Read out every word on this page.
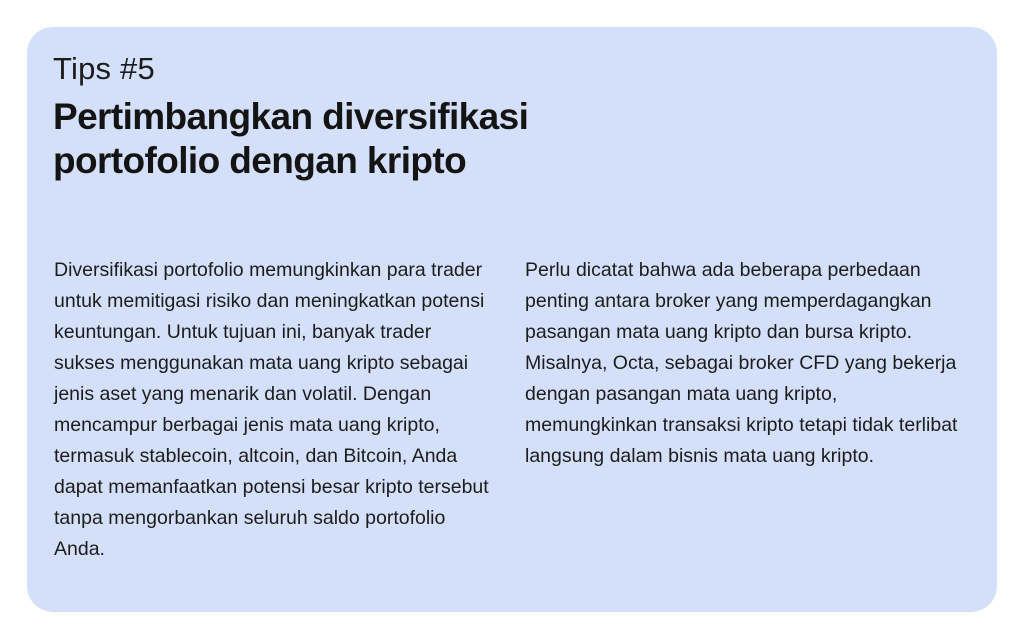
Tips #5

Pertimbangkan diversifikasi
portofolio dengan kripto

Diversifikasi portofolio memungkinkan para trader untuk memitigasi risiko dan meningkatkan potensi keuntungan. Untuk tujuan ini, banyak trader sukses menggunakan mata uang kripto sebagai jenis aset yang menarik dan volatil. Dengan mencampur berbagai jenis mata uang kripto, termasuk stablecoin, altcoin, dan Bitcoin, Anda dapat memanfaatkan potensi besar kripto tersebut tanpa mengorbankan seluruh saldo portofolio Anda.

Perlu dicatat bahwa ada beberapa perbedaan penting antara broker yang memperdagangkan pasangan mata uang kripto dan bursa kripto. Misalnya, Octa, sebagai broker CFD yang bekerja dengan pasangan mata uang kripto, memungkinkan transaksi kripto tetapi tidak terlibat langsung dalam bisnis mata uang kripto.
